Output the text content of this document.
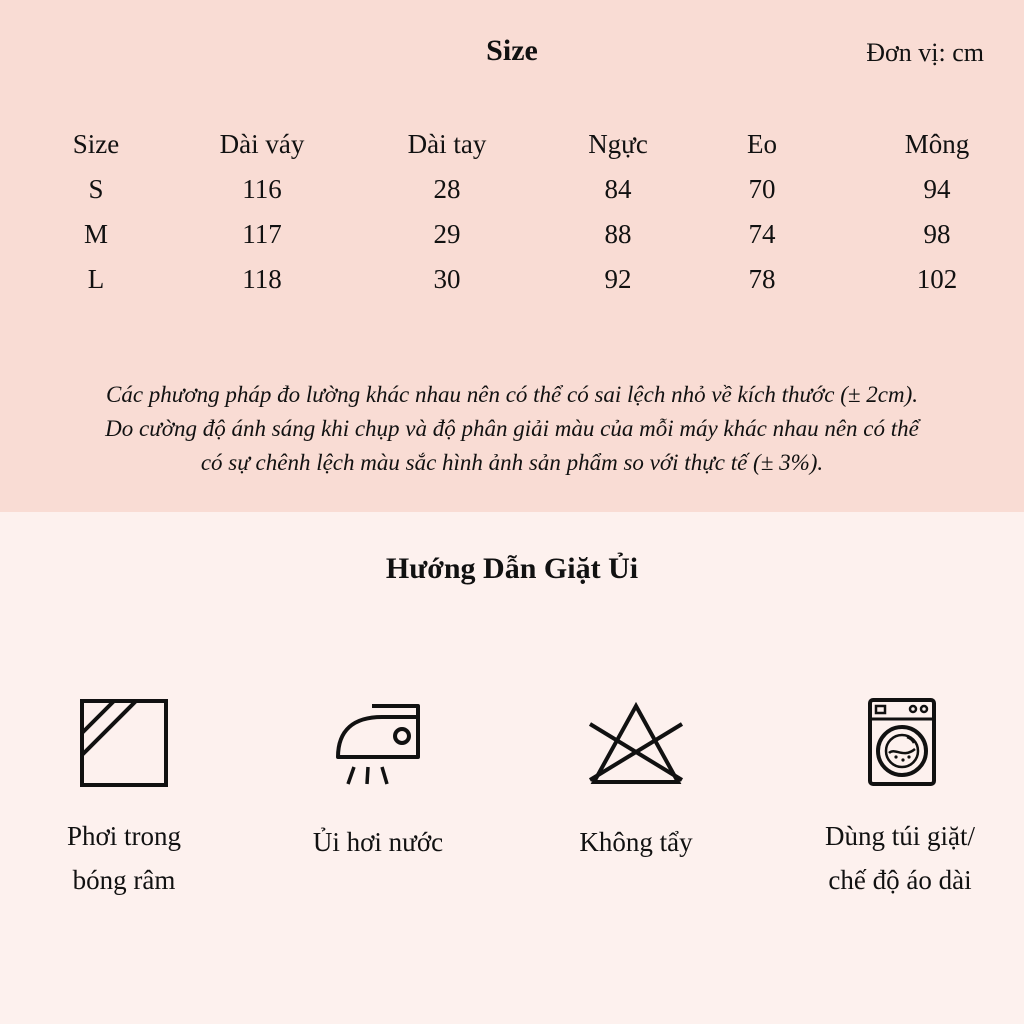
Size	Đơn vị: cm
Size	Dài váy	Dài tay	Ngực	Eo	Mông
S	116	28	84	70	94
M	117	29	88	74	98
L	118	30	92	78	102
Các phương pháp đo lường khác nhau nên có thể có sai lệch nhỏ về kích thước (± 2cm).
Do cường độ ánh sáng khi chụp và độ phân giải màu của mỗi máy khác nhau nên có thể
có sự chênh lệch màu sắc hình ảnh sản phẩm so với thực tế (± 3%).
Hướng Dẫn Giặt Ủi
Phơi trong
bóng râm
Ủi hơi nước	Không tẩy	Dùng túi giặt/
chế độ áo dài
